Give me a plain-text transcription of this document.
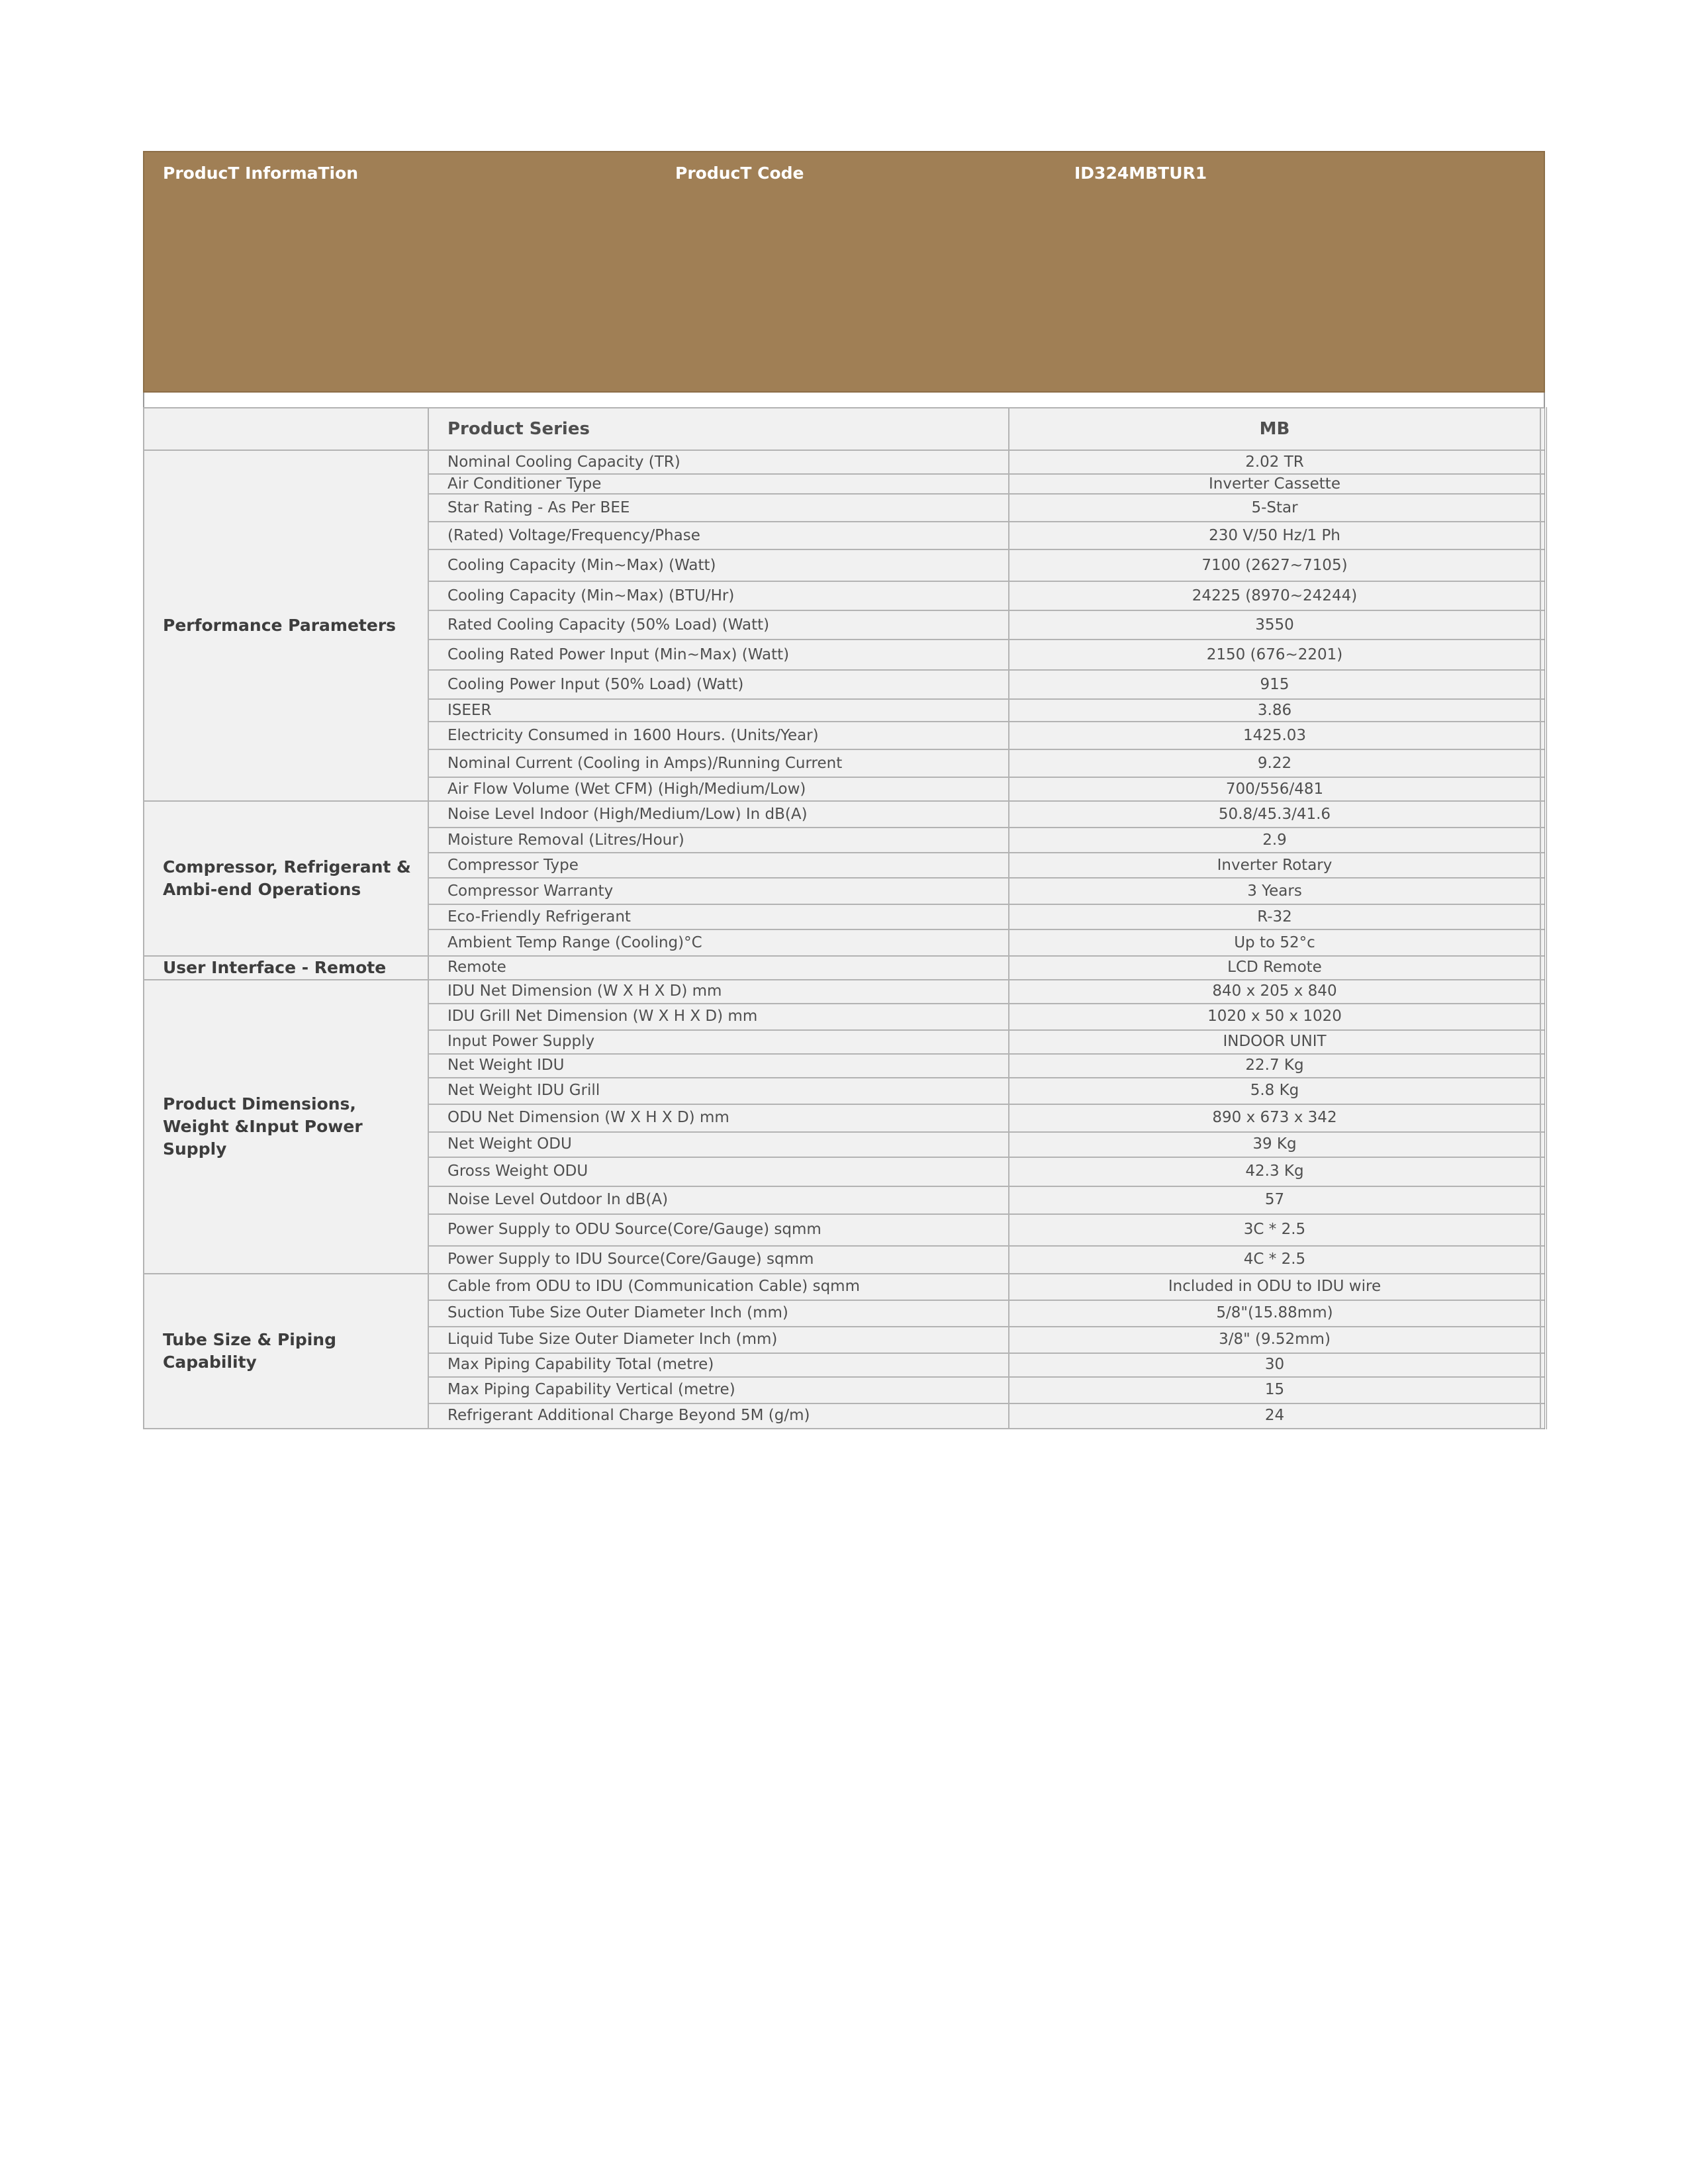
ProducT InformaTion	ProducT Code	ID324MBTUR1
	Product Series	MB	
Performance Parameters	Nominal Cooling Capacity (TR)	2.02 TR	
	Air Conditioner Type	Inverter Cassette	
	Star Rating - As Per BEE	5-Star	
	(Rated) Voltage/Frequency/Phase	230 V/50 Hz/1 Ph	
	Cooling Capacity (Min~Max) (Watt)	7100 (2627~7105)	
	Cooling Capacity (Min~Max) (BTU/Hr)	24225 (8970~24244)	
	Rated Cooling Capacity (50% Load) (Watt)	3550	
	Cooling Rated Power Input (Min~Max) (Watt)	2150 (676~2201)	
	Cooling Power Input (50% Load) (Watt)	915	
	ISEER	3.86	
	Electricity Consumed in 1600 Hours. (Units/Year)	1425.03	
	Nominal Current (Cooling in Amps)/Running Current	9.22	
	Air Flow Volume (Wet CFM) (High/Medium/Low)	700/556/481	
Compressor, Refrigerant & Ambi-end Operations	Noise Level Indoor (High/Medium/Low) In dB(A)	50.8/45.3/41.6	
	Moisture Removal (Litres/Hour)	2.9	
	Compressor Type	Inverter Rotary	
	Compressor Warranty	3 Years	
	Eco-Friendly Refrigerant	R-32	
	Ambient Temp Range (Cooling)°C	Up to 52°c	
User Interface - Remote	Remote	LCD Remote	
Product Dimensions, Weight &Input Power Supply	IDU Net Dimension (W X H X D) mm	840 x 205 x 840	
	IDU Grill Net Dimension (W X H X D) mm	1020 x 50 x 1020	
	Input Power Supply	INDOOR UNIT	
	Net Weight IDU	22.7 Kg	
	Net Weight IDU Grill	5.8 Kg	
	ODU Net Dimension (W X H X D) mm	890 x 673 x 342	
	Net Weight ODU	39 Kg	
	Gross Weight ODU	42.3 Kg	
	Noise Level Outdoor In dB(A)	57	
	Power Supply to ODU Source(Core/Gauge) sqmm	3C * 2.5	
	Power Supply to IDU Source(Core/Gauge) sqmm	4C * 2.5	
Tube Size & Piping Capability	Cable from ODU to IDU (Communication Cable) sqmm	Included in ODU to IDU wire	
	Suction Tube Size Outer Diameter Inch (mm)	5/8"(15.88mm)	
	Liquid Tube Size Outer Diameter Inch (mm)	3/8" (9.52mm)	
	Max Piping Capability Total (metre)	30	
	Max Piping Capability Vertical (metre)	15	
	Refrigerant Additional Charge Beyond 5M (g/m)	24	
